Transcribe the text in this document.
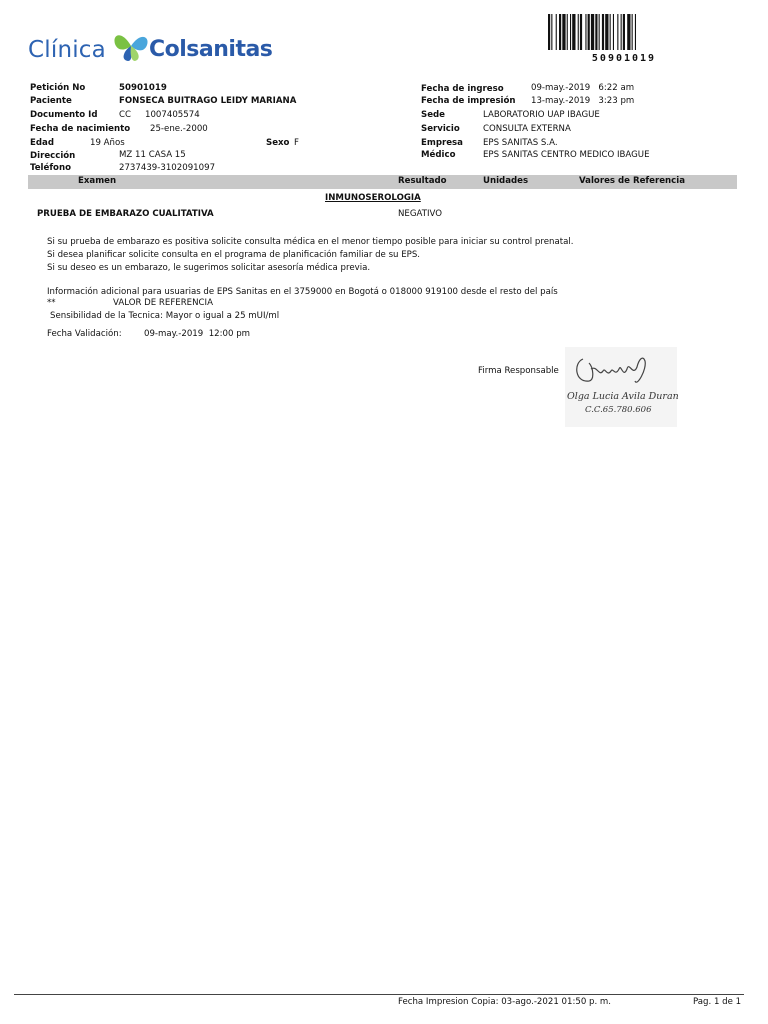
Clínica Colsanitas	50901019
Petición No	50901019
Paciente	FONSECA BUITRAGO LEIDY MARIANA
Documento Id CC 1007405574
Fecha de nacimiento 25-ene.-2000
Edad	19 Años	Sexo F
Dirección	MZ 11 CASA 15
Teléfono	2737439-3102091097
Fecha de ingreso	09-may.-2019   6:22 am
Fecha de impresión 13-may.-2019   3:23 pm
Sede	LABORATORIO UAP IBAGUE
Servicio	CONSULTA EXTERNA
Empresa EPS SANITAS S.A.
Médico	EPS SANITAS CENTRO MEDICO IBAGUE
Examen	Resultado	Unidades	Valores de Referencia
INMUNOSEROLOGIA
PRUEBA DE EMBARAZO CUALITATIVA	NEGATIVO
Si su prueba de embarazo es positiva solicite consulta médica en el menor tiempo posible para iniciar su control prenatal.
Si desea planificar solicite consulta en el programa de planificación familiar de su EPS.
Si su deseo es un embarazo, le sugerimos solicitar asesoría médica previa.
Información adicional para usuarias de EPS Sanitas en el 3759000 en Bogotá o 018000 919100 desde el resto del país
**	VALOR DE REFERENCIA
Sensibilidad de la Tecnica: Mayor o igual a 25 mUI/ml
Fecha Validación:	09-may.-2019  12:00 pm
Firma Responsable
Olga Lucia Avila Duran
C.C.65.780.606
Fecha Impresion Copia: 03-ago.-2021 01:50 p. m.	Pag. 1 de 1
